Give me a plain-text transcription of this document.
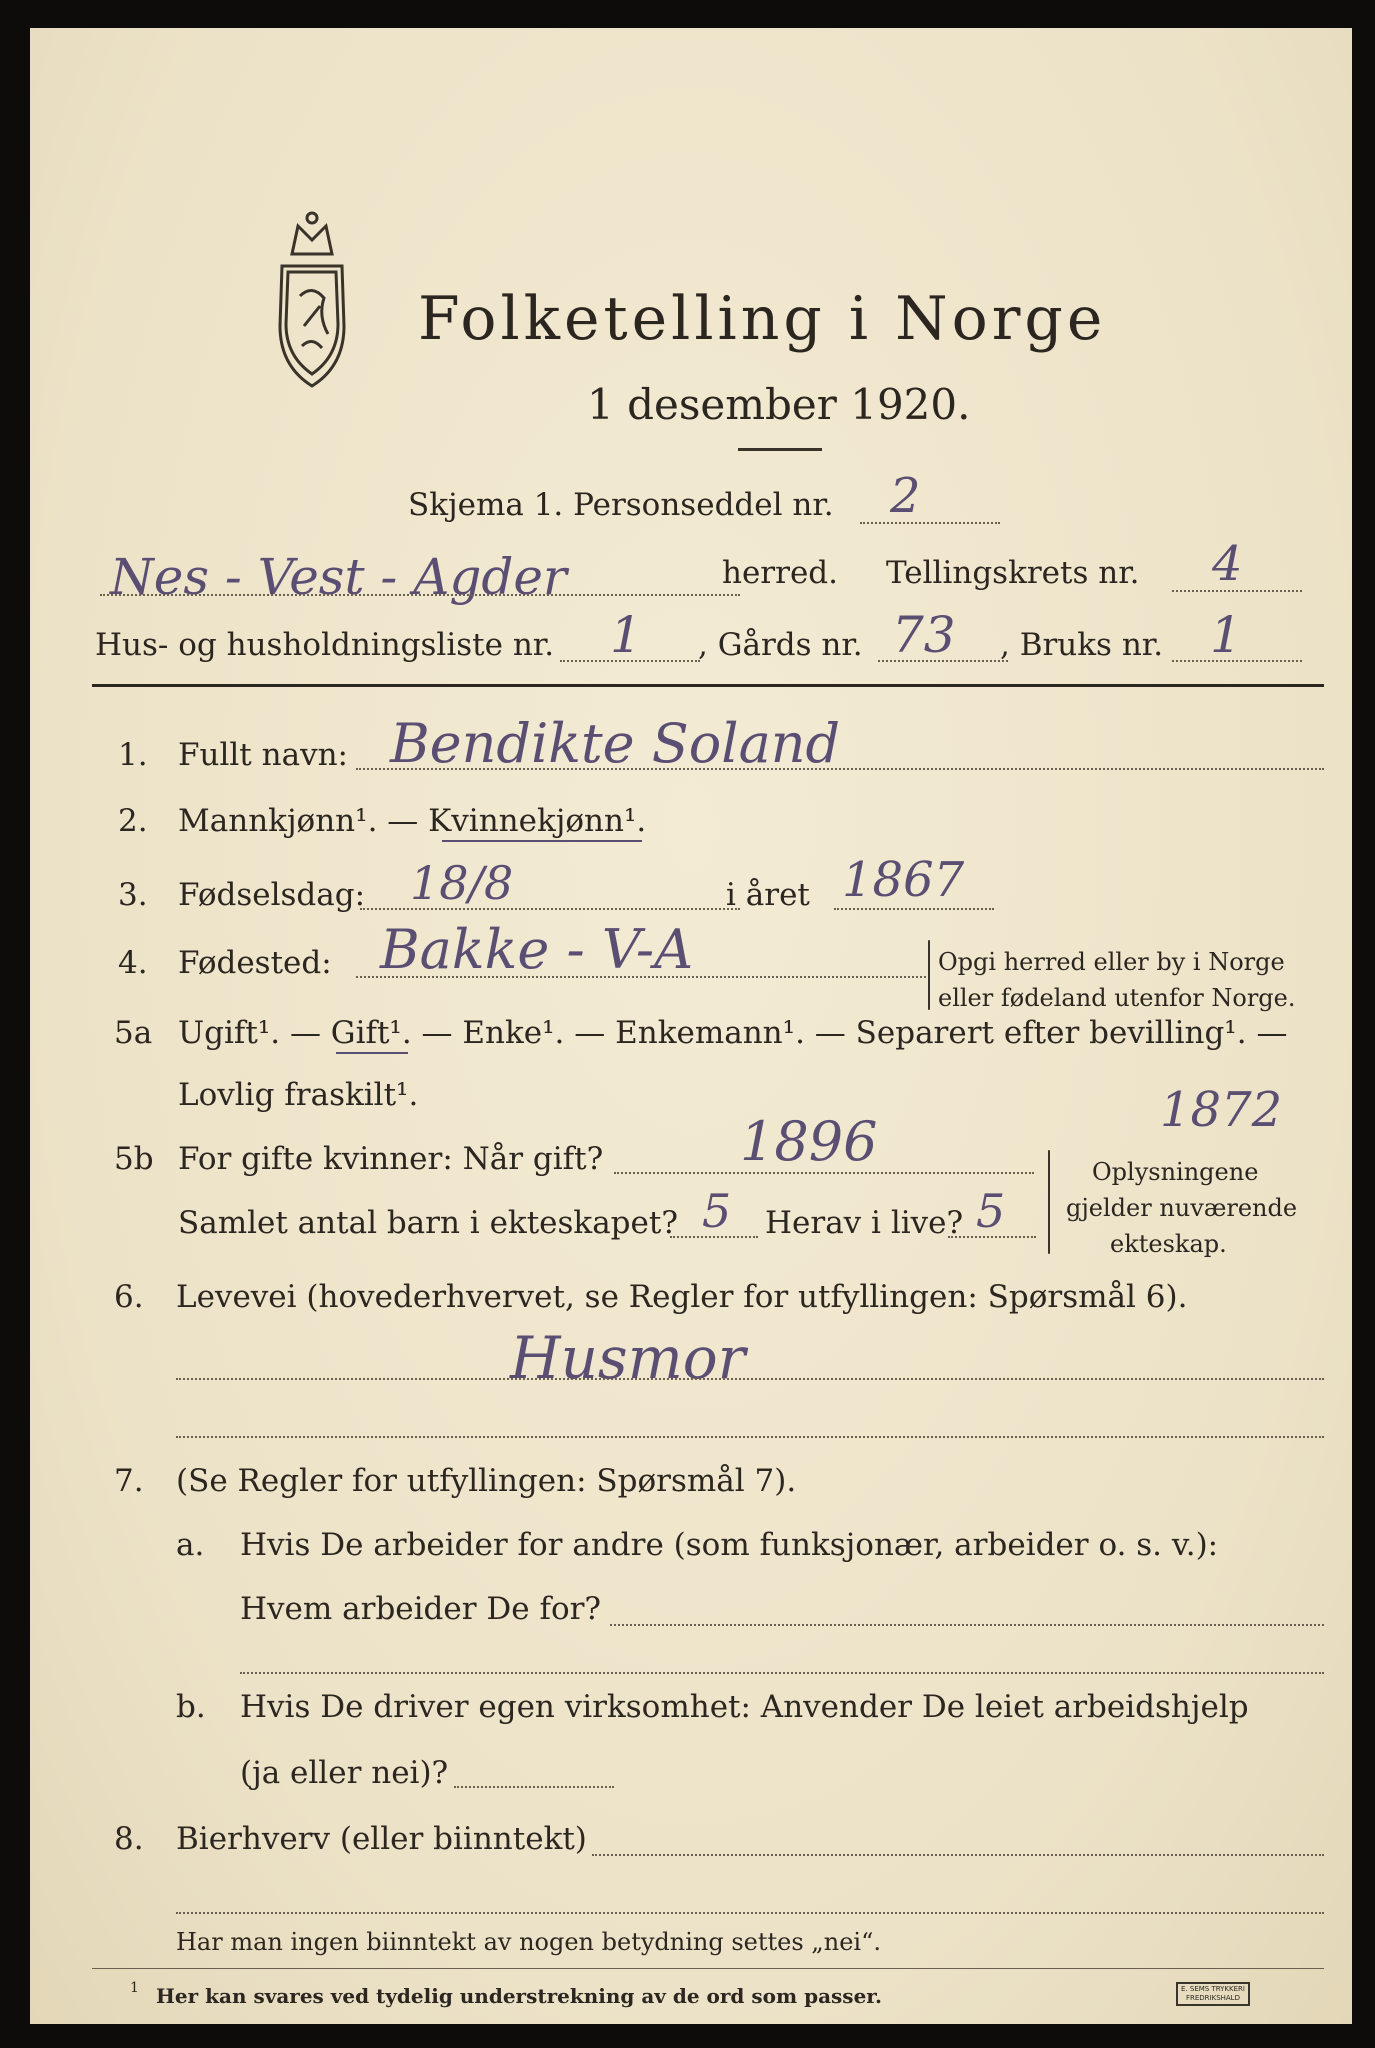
Folketelling i Norge
1 desember 1920.
Skjema 1. Personseddel nr. 2
Nes - Vest - Agder	herred. Tellingskrets nr. 4
Hus- og husholdningsliste nr. 1 , Gårds nr. 73 , Bruks nr. 1
1. Fullt navn: Bendikte Soland
2. Mannkjønn¹. — Kvinnekjønn¹.
3. Fødselsdag: 18/8	i året 1867
4. Fødested: Bakke - V-A	Opgi herred eller by i Norge
eller fødeland utenfor Norge.
5a Ugift¹. — Gift¹. — Enke¹. — Enkemann¹. — Separert efter bevilling¹. —
Lovlig fraskilt¹.
5b For gifte kvinner: Når gift?	1896	1872
Samlet antal barn i ekteskapet? 5 Herav i live? 5
Oplysningene
gjelder nuværende
ekteskap.
6. Levevei (hovederhvervet, se Regler for utfyllingen: Spørsmål 6).
Husmor
7. (Se Regler for utfyllingen: Spørsmål 7).
a. Hvis De arbeider for andre (som funksjonær, arbeider o. s. v.):
Hvem arbeider De for?
b. Hvis De driver egen virksomhet: Anvender De leiet arbeidshjelp
(ja eller nei)?
8. Bierhverv (eller biinntekt)
Har man ingen biinntekt av nogen betydning settes „nei“.
1 Her kan svares ved tydelig understrekning av de ord som passer.	E. SEMS TRYKKERI
FREDRIKSHALD
